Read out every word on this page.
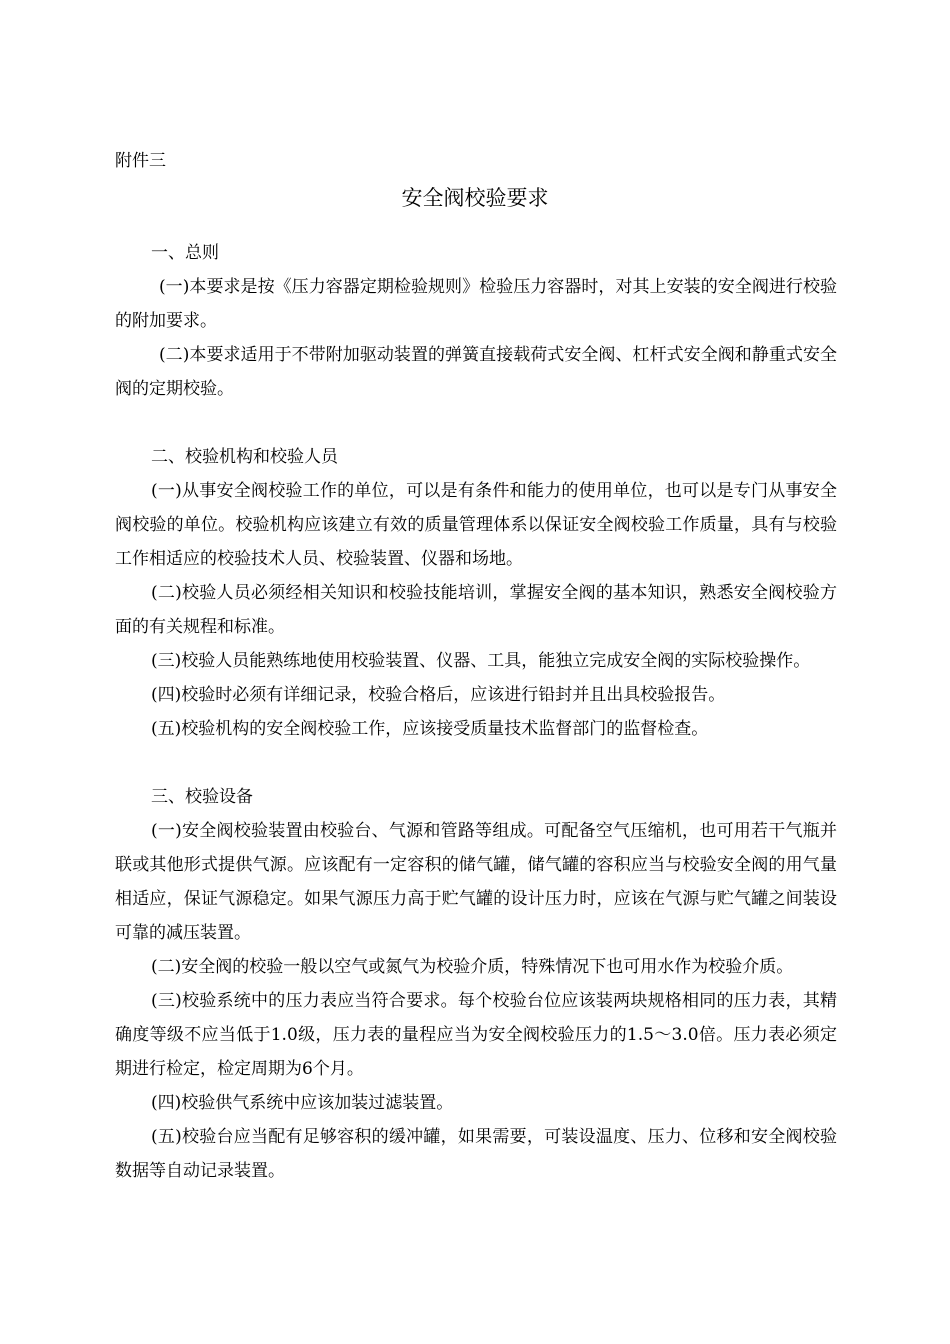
附件三
安全阀校验要求

一、总则

(一)本要求是按《压力容器定期检验规则》检验压力容器时，对其上安装的安全阀进行校验的附加要求。

(二)本要求适用于不带附加驱动装置的弹簧直接载荷式安全阀、杠杆式安全阀和静重式安全阀的定期校验。

二、校验机构和校验人员

(一)从事安全阀校验工作的单位，可以是有条件和能力的使用单位，也可以是专门从事安全阀校验的单位。校验机构应该建立有效的质量管理体系以保证安全阀校验工作质量，具有与校验工作相适应的校验技术人员、校验装置、仪器和场地。

(二)校验人员必须经相关知识和校验技能培训，掌握安全阀的基本知识，熟悉安全阀校验方面的有关规程和标准。

(三)校验人员能熟练地使用校验装置、仪器、工具，能独立完成安全阀的实际校验操作。

(四)校验时必须有详细记录，校验合格后，应该进行铅封并且出具校验报告。

(五)校验机构的安全阀校验工作，应该接受质量技术监督部门的监督检查。

三、校验设备

(一)安全阀校验装置由校验台、气源和管路等组成。可配备空气压缩机，也可用若干气瓶并联或其他形式提供气源。应该配有一定容积的储气罐，储气罐的容积应当与校验安全阀的用气量相适应，保证气源稳定。如果气源压力高于贮气罐的设计压力时，应该在气源与贮气罐之间装设可靠的减压装置。

(二)安全阀的校验一般以空气或氮气为校验介质，特殊情况下也可用水作为校验介质。

(三)校验系统中的压力表应当符合要求。每个校验台位应该装两块规格相同的压力表，其精确度等级不应当低于1.0级，压力表的量程应当为安全阀校验压力的1.5～3.0倍。压力表必须定期进行检定，检定周期为6个月。

(四)校验供气系统中应该加装过滤装置。

(五)校验台应当配有足够容积的缓冲罐，如果需要，可装设温度、压力、位移和安全阀校验数据等自动记录装置。
